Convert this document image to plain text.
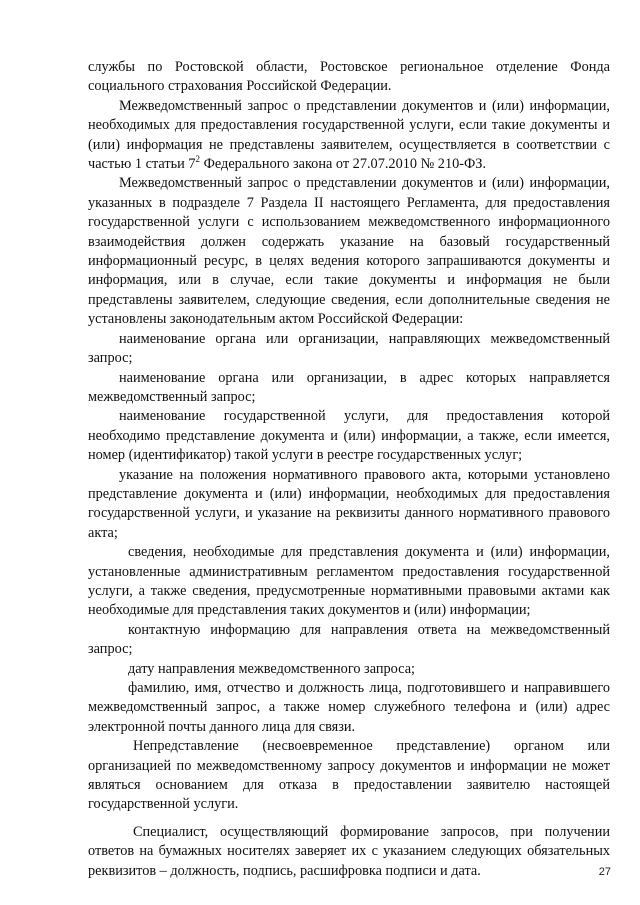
службы по Ростовской области, Ростовское региональное отделение Фонда социального страхования Российской Федерации.

Межведомственный запрос о представлении документов и (или) информации, необходимых для предоставления государственной услуги, если такие документы и (или) информация не представлены заявителем, осуществляется в соответствии с частью 1 статьи $7^2$ Федерального закона от 27.07.2010 № 210-ФЗ.

Межведомственный запрос о представлении документов и (или) информации, указанных в подразделе 7 Раздела II настоящего Регламента, для предоставления государственной услуги с использованием межведомственного информационного взаимодействия должен содержать указание на базовый государственный информационный ресурс, в целях ведения которого запрашиваются документы и информация, или в случае, если такие документы и информация не были представлены заявителем, следующие сведения, если дополнительные сведения не установлены законодательным актом Российской Федерации:

наименование органа или организации, направляющих межведомственный запрос;

наименование органа или организации, в адрес которых направляется межведомственный запрос;

наименование государственной услуги, для предоставления которой необходимо представление документа и (или) информации, а также, если имеется, номер (идентификатор) такой услуги в реестре государственных услуг;

указание на положения нормативного правового акта, которыми установлено представление документа и (или) информации, необходимых для предоставления государственной услуги, и указание на реквизиты данного нормативного правового акта;

сведения, необходимые для представления документа и (или) информации, установленные административным регламентом предоставления государственной услуги, а также сведения, предусмотренные нормативными правовыми актами как необходимые для представления таких документов и (или) информации;

контактную информацию для направления ответа на межведомственный запрос;

дату направления межведомственного запроса;

фамилию, имя, отчество и должность лица, подготовившего и направившего межведомственный запрос, а также номер служебного телефона и (или) адрес электронной почты данного лица для связи.

Непредставление (несвоевременное представление) органом или организацией по межведомственному запросу документов и информации не может являться основанием для отказа в предоставлении заявителю настоящей государственной услуги.

Специалист, осуществляющий формирование запросов, при получении ответов на бумажных носителях заверяет их с указанием следующих обязательных реквизитов – должность, подпись, расшифровка подписи и дата.	27
